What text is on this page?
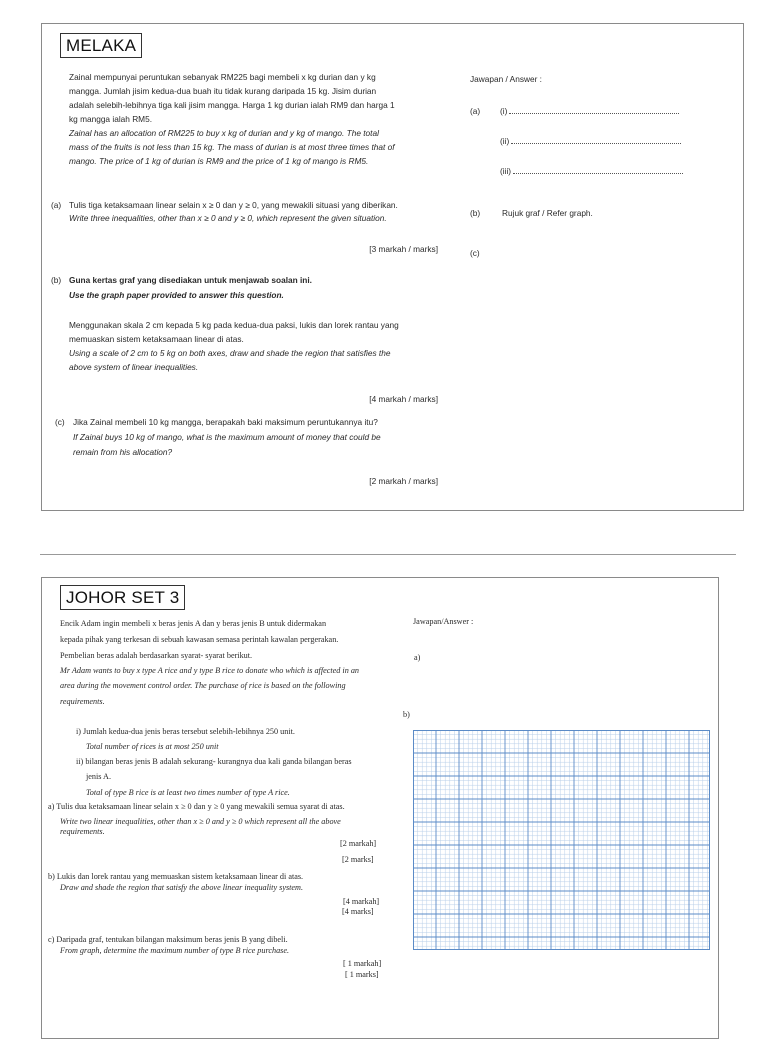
MELAKA
Zainal mempunyai peruntukan sebanyak RM225 bagi membeli x kg durian dan y kg
mangga. Jumlah jisim kedua-dua buah itu tidak kurang daripada 15 kg. Jisim durian
adalah selebih-lebihnya tiga kali jisim mangga. Harga 1 kg durian ialah RM9 dan harga 1
kg mangga ialah RM5.
Zainal has an allocation of RM225 to buy x kg of durian and y kg of mango. The total
mass of the fruits is not less than 15 kg. The mass of durian is at most three times that of
mango. The price of 1 kg of durian is RM9 and the price of 1 kg of mango is RM5.
(a) Tulis tiga ketaksamaan linear selain x ≥ 0 dan y ≥ 0, yang mewakili situasi yang diberikan.
Write three inequalities, other than x ≥ 0 and y ≥ 0, which represent the given situation.
[3 markah / marks]
(b) Guna kertas graf yang disediakan untuk menjawab soalan ini.
Use the graph paper provided to answer this question.
Menggunakan skala 2 cm kepada 5 kg pada kedua-dua paksi, lukis dan lorek rantau yang
memuaskan sistem ketaksamaan linear di atas.
Using a scale of 2 cm to 5 kg on both axes, draw and shade the region that satisfies the
above system of linear inequalities.
[4 markah / marks]
(c) Jika Zainal membeli 10 kg mangga, berapakah baki maksimum peruntukannya itu?
If Zainal buys 10 kg of mango, what is the maximum amount of money that could be
remain from his allocation?
[2 markah / marks]
Jawapan / Answer :
(a) (i)
(ii)
(iii)
(b)	Rujuk graf / Refer graph.
(c)
JOHOR SET 3
Encik Adam ingin membeli x beras jenis A dan y beras jenis B untuk didermakan
kepada pihak yang terkesan di sebuah kawasan semasa perintah kawalan pergerakan.
Pembelian beras adalah berdasarkan syarat- syarat berikut.
Mr Adam wants to buy x type A rice and y type B rice to donate who which is affected in an
area during the movement control order. The purchase of rice is based on the following
requirements.
i) Jumlah kedua-dua jenis beras tersebut selebih-lebihnya 250 unit.
Total number of rices is at most 250 unit
ii) bilangan beras jenis B adalah sekurang- kurangnya dua kali ganda bilangan beras
jenis A.
Total of type B rice is at least two times number of type A rice.
a) Tulis dua ketaksamaan linear selain x ≥ 0 dan y ≥ 0 yang mewakili semua syarat di atas.
Write two linear inequalities, other than x ≥ 0 and y ≥ 0 which represent all the above
requirements.
[2 markah]
[2 marks]
b) Lukis dan lorek rantau yang memuaskan sistem ketaksamaan linear di atas.
Draw and shade the region that satisfy the above linear inequality system.
[4 markah]
[4 marks]
c) Daripada graf, tentukan bilangan maksimum beras jenis B yang dibeli.
From graph, determine the maximum number of type B rice purchase.
[ 1 markah]
[ 1 marks]
Jawapan/Answer :
a)
b)
